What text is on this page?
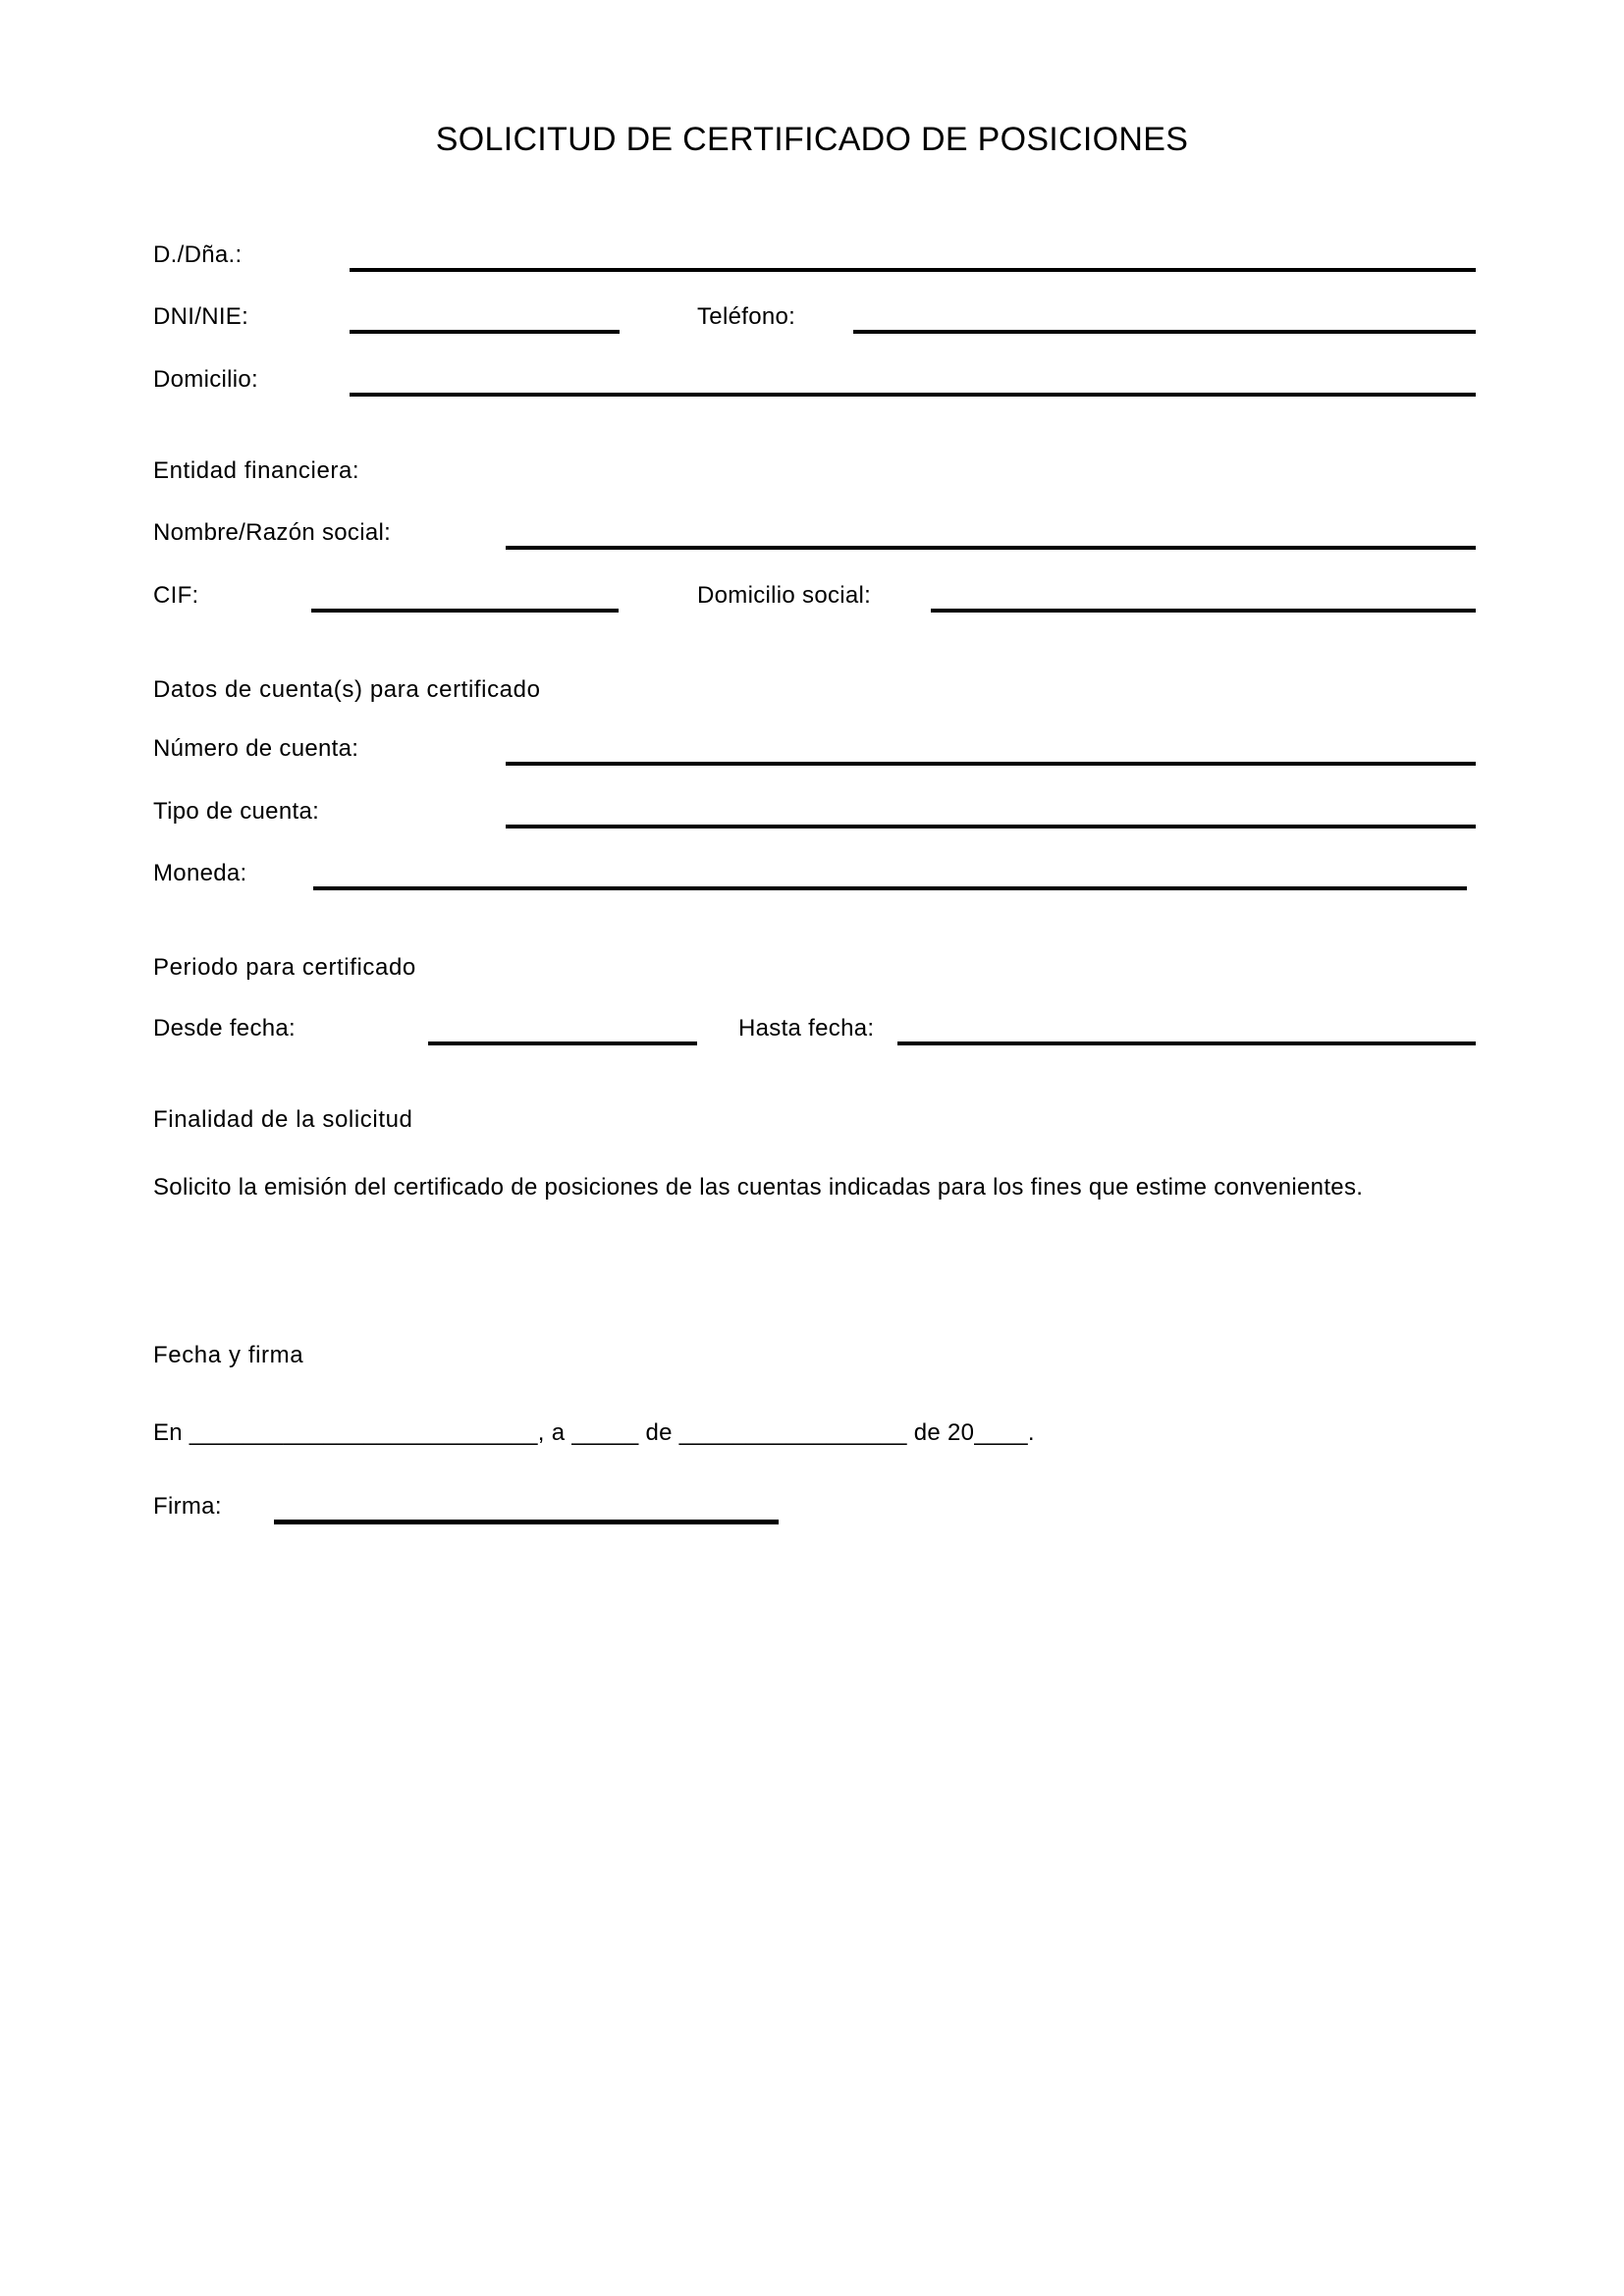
SOLICITUD DE CERTIFICADO DE POSICIONES
D./Dña.:
DNI/NIE:	Teléfono:
Domicilio:
Entidad financiera:
Nombre/Razón social:
CIF:	Domicilio social:
Datos de cuenta(s) para certificado
Número de cuenta:
Tipo de cuenta:
Moneda:
Periodo para certificado
Desde fecha:	Hasta fecha:
Finalidad de la solicitud
Solicito la emisión del certificado de posiciones de las cuentas indicadas para los fines que estime convenientes.
Fecha y firma
En __________________________, a _____ de _________________ de 20____.
Firma:
